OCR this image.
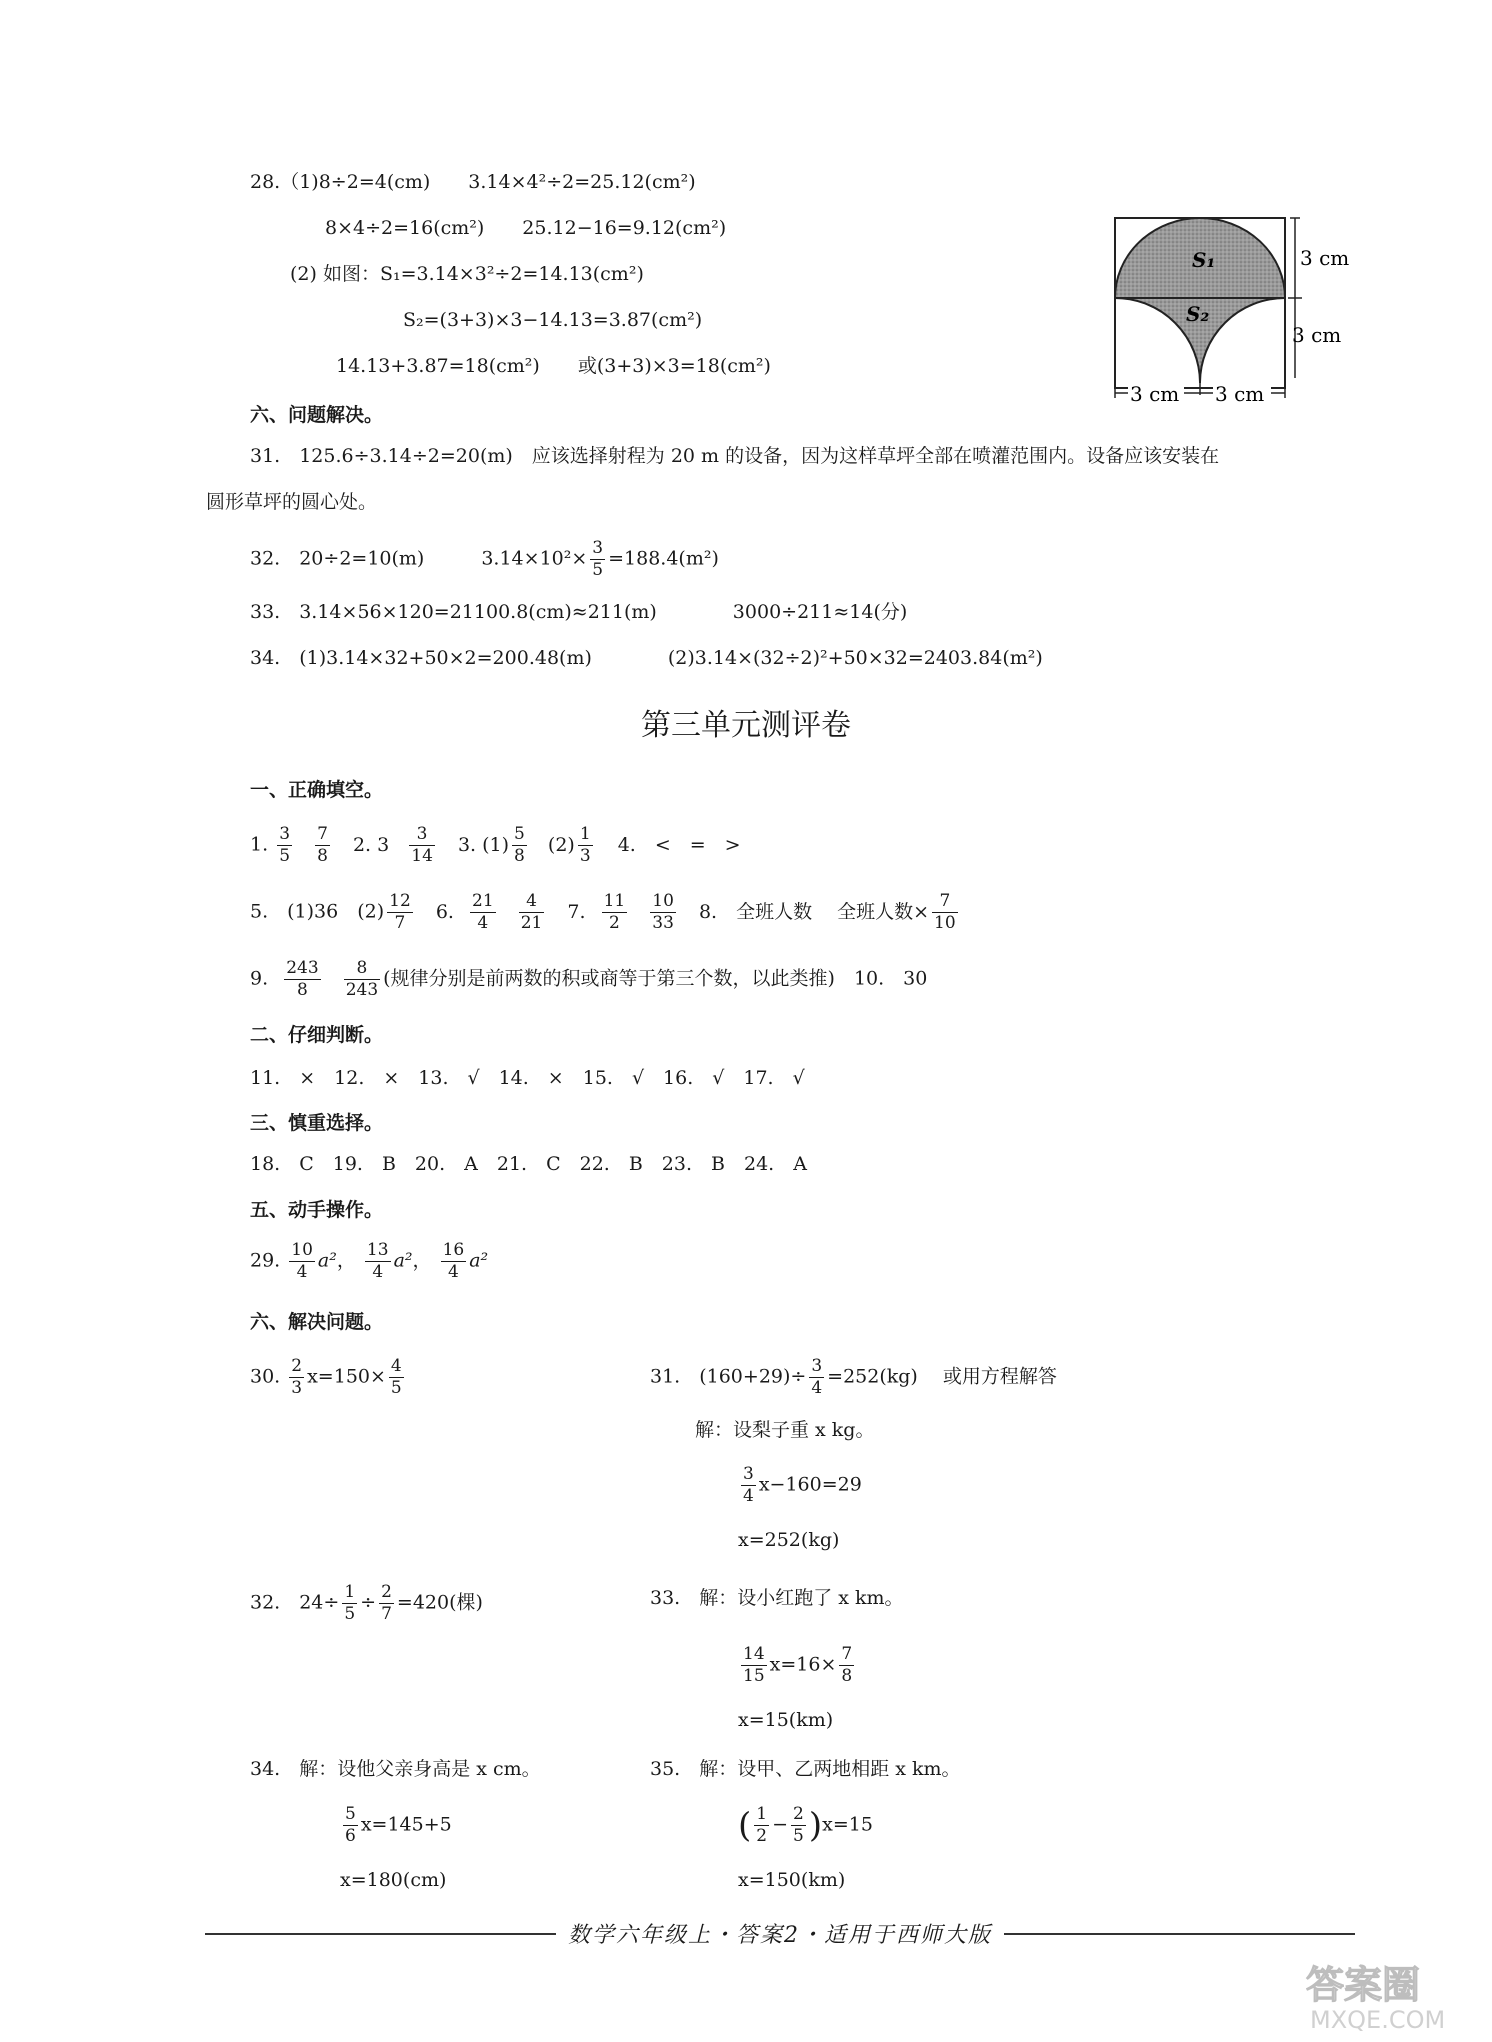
28.（1)8÷2=4(cm)　　3.14×4²÷2=25.12(cm²)
8×4÷2=16(cm²)　　25.12−16=9.12(cm²)
(2) 如图：S₁=3.14×3²÷2=14.13(cm²)
S₂=(3+3)×3−14.13=3.87(cm²)
14.13+3.87=18(cm²)　　或(3+3)×3=18(cm²)
S₁
S₂
3 cm
3 cm
3 cm 3 cm
六、问题解决。
31.　125.6÷3.14÷2=20(m)　应该选择射程为 20 m 的设备，因为这样草坪全部在喷灌范围内。设备应该安装在
圆形草坪的圆心处。
32.　20÷2=10(m)　　　$3.14\times 10^2\times \frac{3}{5} =188.4(m^2)$
33.　3.14×56×120=21100.8(cm)≈211(m)　　　　3000÷211≈14(分)
34.　(1)3.14×32+50×2=200.48(m)　　　　(2)3.14×(32÷2)²+50×32=2403.84(m²)
第三单元测评卷
一、正确填空。
1. $\frac{3}{5}$
$\frac{7}{8} 2$. $3 \frac{3}{14} 3$. $(1) \frac{5}{8} (2) \frac{1}{3} 4$.　<　=　>
5.　(1)36　$(2) \frac{12}{7} 6$. $\frac{21}{4}$
$\frac{4}{21} 7$. $\frac{11}{2}$
$\frac{10}{33} 8$.　全班人数　 全班人数× $\frac{7}{10}$
9. $\frac{243}{8}$
$\frac{8}{243}$ (规律分别是前两数的积或商等于第三个数，以此类推)　10.　30
二、仔细判断。
11.　×　12.　×　13.　√　14.　×　15.　√　16.　√　17.　√
三、慎重选择。
18.　C　19.　B　20.　A　21.　C　22.　B　23.　B　24.　A
五、动手操作。
29. $\frac{10}{4} a^2$， $\frac{13}{4} a^2$， $\frac{16}{4} a^2$
六、解决问题。
30. $\frac{2}{3} x=150\times \frac{4}{5}$	31.　$(160+29)\div \frac{3}{4} =252(kg)$　 或用方程解答
解：设梨子重 x kg。
$\frac{3}{4} x-160=29$
x=252(kg)
32.　$24\div \frac{1}{5} \div \frac{2}{7} =420$(棵)	33.　解：设小红跑了 x km。
$\frac{14}{15} x=16\times \frac{7}{8}$
x=15(km)
34.　解：设他父亲身高是 x cm。
$\frac{5}{6} x=145+5$
x=180(cm)
35.　解：设甲、乙两地相距 x km。
( $\frac{1}{2} - \frac{2}{5} )x=15$
x=150(km)
数学六年级上・答案2・适用于西师大版
答案圈
MXQE.COM
